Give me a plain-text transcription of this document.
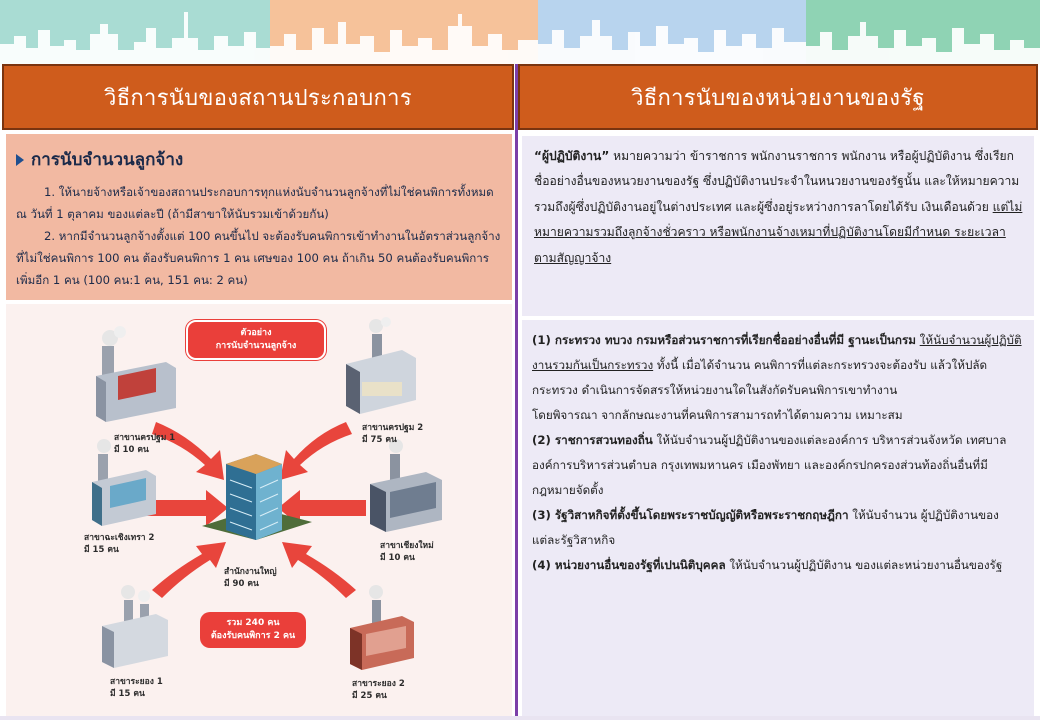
วิธีการนับของสถานประกอบการ	วิธีการนับของหน่วยงานของรัฐ
การนับจำนวนลูกจ้าง

1. ให้นายจ้างหรือเจ้าของสถานประกอบการทุกแห่งนับจำนวนลูกจ้างที่ไม่ใช่คนพิการทั้งหมด ณ วันที่ 1 ตุลาคม ของแต่ละปี (ถ้ามีสาขาให้นับรวมเข้าด้วยกัน)

2. หากมีจำนวนลูกจ้างตั้งแต่ 100 คนขึ้นไป จะต้องรับคนพิการเข้าทำงานในอัตราส่วนลูกจ้างที่ไม่ใช่คนพิการ 100 คน ต้องรับคนพิการ 1 คน เศษของ 100 คน ถ้าเกิน 50 คนต้องรับคนพิการเพิ่มอีก 1 คน (100 คน:1 คน, 151 คน: 2 คน)

ตัวอย่าง
การนับจำนวนลูกจ้าง
สาขานครปฐม 1
มี 10 คน
สาขานครปฐม 2
มี 75 คน
สาขาฉะเชิงเทรา 2
มี 15 คน	สาขาเชียงใหม่
มี 10 คน
สาขาระยอง 1
มี 15 คน
สาขาระยอง 2
มี 25 คน
สำนักงานใหญ่
มี 90 คน
รวม 240 คน
ต้องรับคนพิการ 2 คน

“ผู้ปฏิบัติงาน” หมายความว่า ข้าราชการ พนักงานราชการ พนักงาน หรือผู้ปฏิบัติงาน ซึ่งเรียกชื่ออย่างอื่นของหนวยงานของรัฐ ซึ่งปฏิบัติงานประจำในหนวยงานของรัฐนั้น และให้หมายความรวมถึงผู้ซึ่งปฏิบัติงานอยู่ในต่างประเทศ และผู้ซึ่งอยู่ระหว่างการลาโดยได้รับ เงินเดือนด้วย แต่ไม่หมายความรวมถึงลูกจ้างชั่วคราว หรือพนักงานจ้างเหมาที่ปฏิบัติงานโดยมีกำหนด ระยะเวลาตามสัญญาจ้าง

(1) กระทรวง ทบวง กรมหรือส่วนราชการที่เรียกชื่ออย่างอื่นที่มี ฐานะเป็นกรม ให้นับจำนวนผู้ปฏิบัติงานรวมกันเป็นกระทรวง ทั้งนี้ เมื่อได้จำนวน คนพิการที่แต่ละกระทรวงจะต้องรับ แล้วให้ปลัด กระทรวง ดำเนินการจัดสรรให้หน่วยงานใดในสังกัดรับคนพิการเขาทำงาน

โดยพิจารณา จากลักษณะงานที่คนพิการสามารถทำได้ตามความ เหมาะสม

(2) ราชการสวนทองถิ่น ให้นับจำนวนผู้ปฏิบัติงานของแต่ละองค์การ บริหารส่วนจังหวัด เทศบาล องค์การบริหารส่วนตำบล กรุงเทพมหานคร เมืองพัทยา และองค์กรปกครองส่วนท้องถิ่นอื่นที่มีกฎหมายจัดตั้ง

(3) รัฐวิสาหกิจที่ตั้งขึ้นโดยพระราชบัญญัติหรือพระราชกฤษฎีกา ให้นับจำนวน ผู้ปฏิบัติงานของแต่ละรัฐวิสาหกิจ

(4) หน่วยงานอื่นของรัฐที่เปนนิติบุคคล ให้นับจำนวนผู้ปฏิบัติงาน ของแต่ละหน่วยงานอื่นของรัฐ
